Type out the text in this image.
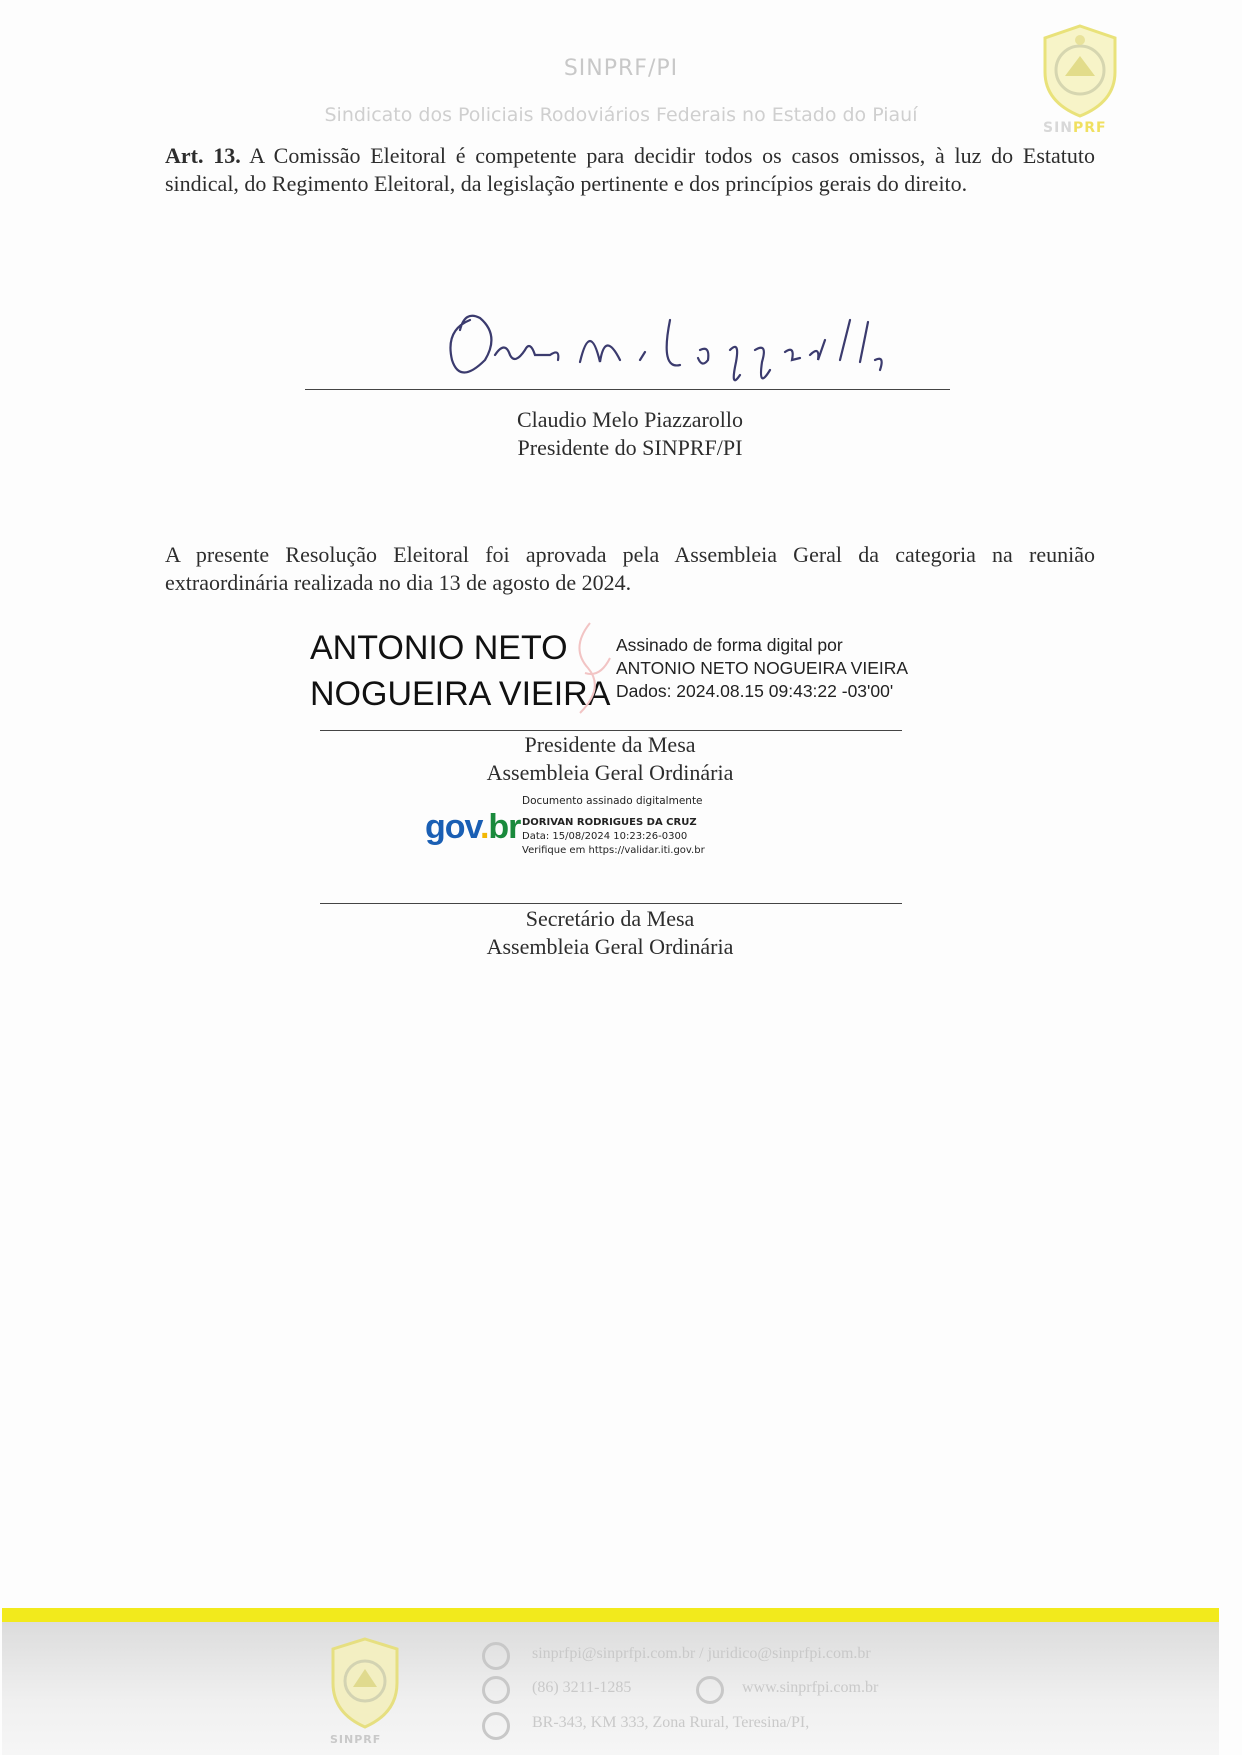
SINPRF/PI
Sindicato dos Policiais Rodoviários Federais no Estado do Piauí
SINPRF
Art. 13. A Comissão Eleitoral é competente para decidir todos os casos omissos, à luz do Estatuto sindical, do Regimento Eleitoral, da legislação pertinente e dos princípios gerais do direito.
Claudio Melo Piazzarollo
Presidente do SINPRF/PI
A presente Resolução Eleitoral foi aprovada pela Assembleia Geral da categoria na reunião extraordinária realizada no dia 13 de agosto de 2024.
ANTONIO NETO
NOGUEIRA VIEIRA
Assinado de forma digital por
ANTONIO NETO NOGUEIRA VIEIRA
Dados: 2024.08.15 09:43:22 -03'00'
Presidente da Mesa
Assembleia Geral Ordinária
gov.br
Documento assinado digitalmente
DORIVAN RODRIGUES DA CRUZ
Data: 15/08/2024 10:23:26-0300
Verifique em https://validar.iti.gov.br
Secretário da Mesa
Assembleia Geral Ordinária
SINPRF
sinprfpi@sinprfpi.com.br / juridico@sinprfpi.com.br
(86) 3211-1285	www.sinprfpi.com.br
BR-343, KM 333, Zona Rural, Teresina/PI,
